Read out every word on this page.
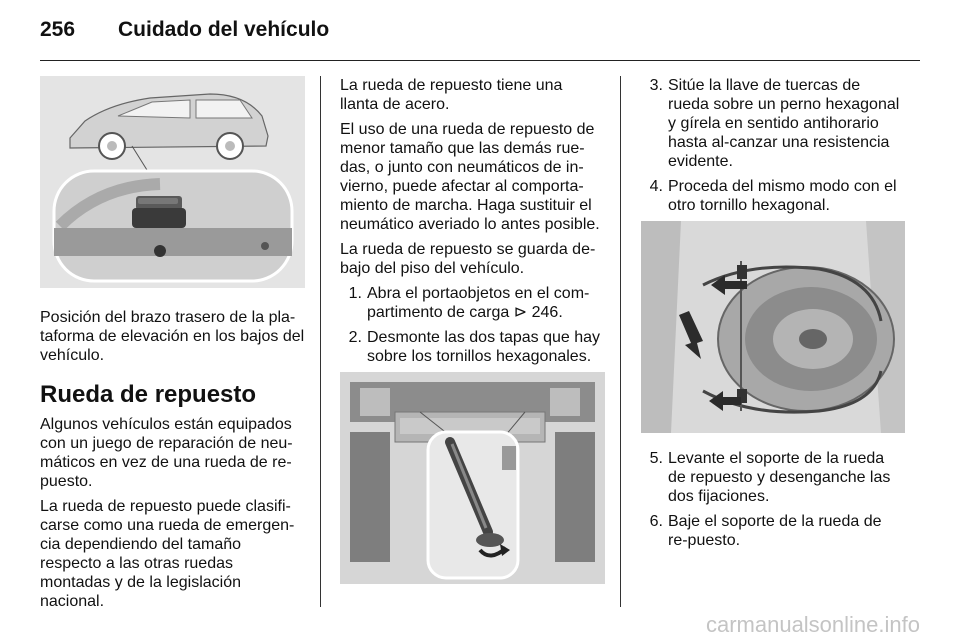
256 Cuidado del vehículo

Posición del brazo trasero de la pla-taforma de elevación en los bajos del vehículo.

Rueda de repuesto

Algunos vehículos están equipados con un juego de reparación de neu-máticos en vez de una rueda de re-puesto.

La rueda de repuesto puede clasifi-carse como una rueda de emergen-cia dependiendo del tamaño respecto a las otras ruedas montadas y de la legislación nacional.

La rueda de repuesto tiene una llanta de acero.

El uso de una rueda de repuesto de menor tamaño que las demás rue-das, o junto con neumáticos de in-vierno, puede afectar al comporta-miento de marcha. Haga sustituir el neumático averiado lo antes posible.

La rueda de repuesto se guarda de-bajo del piso del vehículo.

1. Abra el portaobjetos en el com-partimento de carga ⊳ 246.
2. Desmonte las dos tapas que hay sobre los tornillos hexagonales.
3. Sitúe la llave de tuercas de rueda sobre un perno hexagonal y gírela en sentido antihorario hasta al-canzar una resistencia evidente.
4. Proceda del mismo modo con el otro tornillo hexagonal.
5. Levante el soporte de la rueda de repuesto y desenganche las dos fijaciones.
6. Baje el soporte de la rueda de re-puesto.
carmanualsonline.info
